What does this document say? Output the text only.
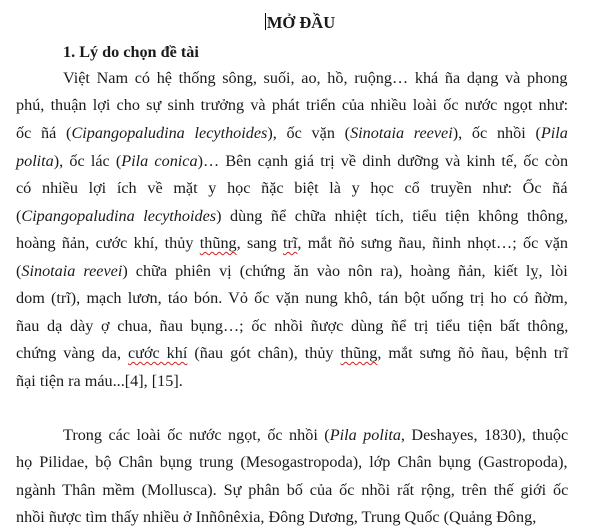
MỞ ĐẦU
1. Lý do chọn đề tài
Việt Nam có hệ thống sông, suối, ao, hồ, ruộng… khá ña dạng và phong
phú, thuận lợi cho sự sinh trưởng và phát triển của nhiều loài ốc nước ngọt như:
ốc ñá (Cipangopaludina lecythoides), ốc vặn (Sinotaia reevei), ốc nhồi (Pila
polita), ốc lác (Pila conica)… Bên cạnh giá trị về dinh dưỡng và kinh tế, ốc còn
có nhiều lợi ích về mặt y học ñặc biệt là y học cổ truyền như: Ốc ñá
(Cipangopaludina lecythoides) dùng ñể chữa nhiệt tích, tiểu tiện không thông,
hoàng ñản, cước khí, thủy thũng, sang trĩ, mắt ñỏ sưng ñau, ñinh nhọt…; ốc vặn
(Sinotaia reevei) chữa phiên vị (chứng ăn vào nôn ra), hoàng ñản, kiết lỵ, lòi
dom (trĩ), mạch lươn, táo bón. Vỏ ốc vặn nung khô, tán bột uống trị ho có ñờm,
ñau dạ dày ợ chua, ñau bụng…; ốc nhồi ñược dùng ñể trị tiểu tiện bất thông,
chứng vàng da, cước khí (ñau gót chân), thủy thũng, mắt sưng ñỏ ñau, bệnh trĩ
ñại tiện ra máu...[4], [15].
Trong các loài ốc nước ngọt, ốc nhồi (Pila polita, Deshayes, 1830), thuộc
họ Pilidae, bộ Chân bụng trung (Mesogastropoda), lớp Chân bụng (Gastropoda),
ngành Thân mềm (Mollusca). Sự phân bố của ốc nhồi rất rộng, trên thế giới ốc
nhồi ñược tìm thấy nhiều ở Inñônêxia, Đông Dương, Trung Quốc (Quảng Đông,
